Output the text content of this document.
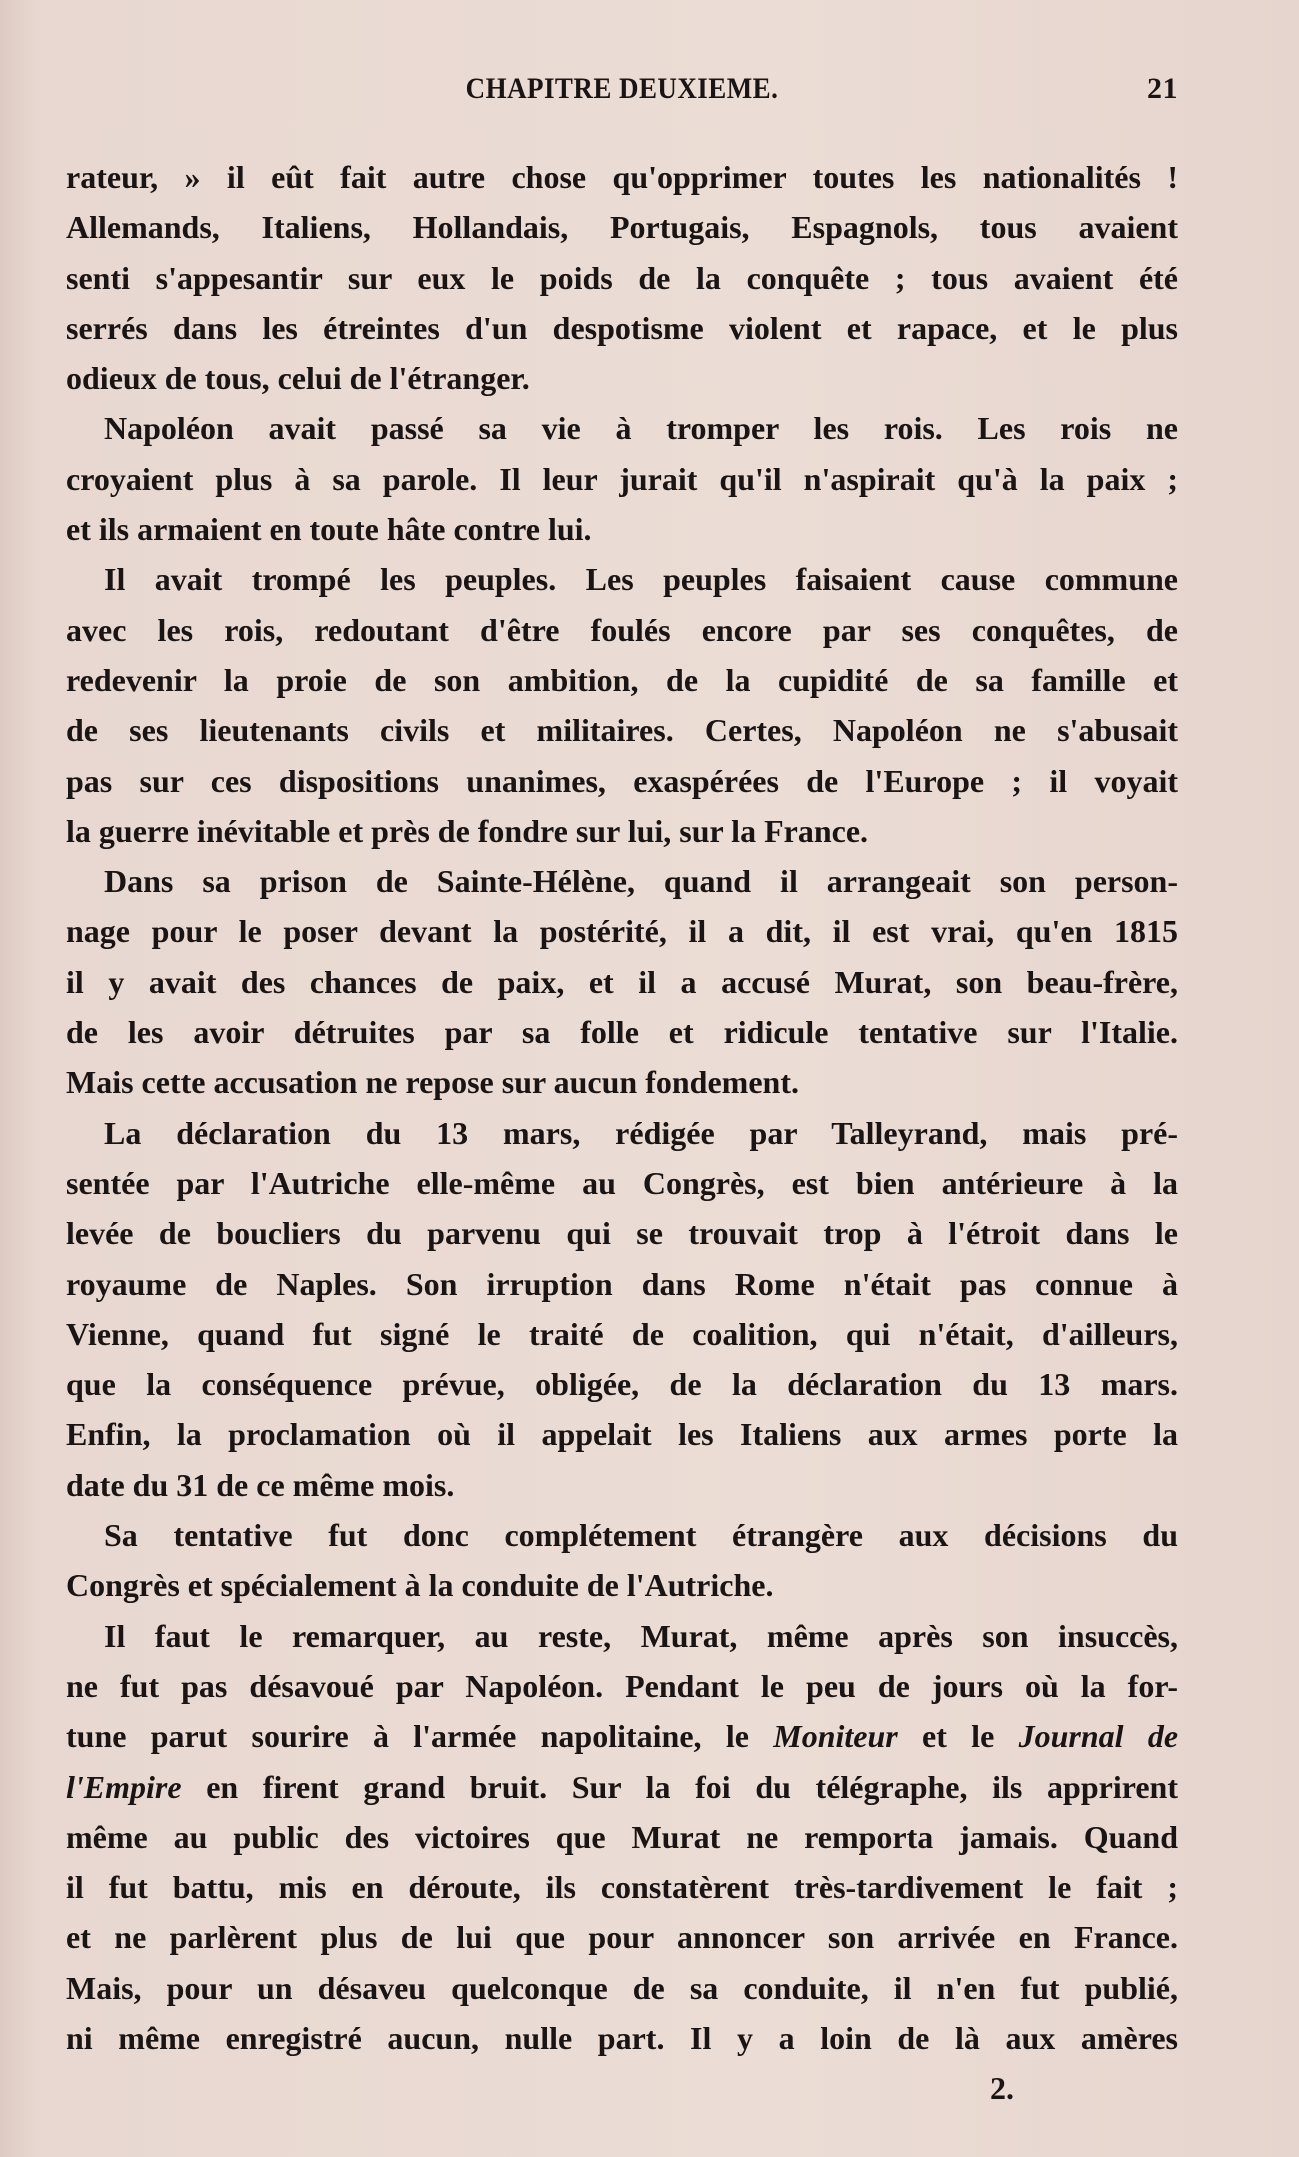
CHAPITRE DEUXIEME.	21
rateur, » il eût fait autre chose qu'opprimer toutes les nationalités !
Allemands, Italiens, Hollandais, Portugais, Espagnols, tous avaient
senti s'appesantir sur eux le poids de la conquête ; tous avaient été
serrés dans les étreintes d'un despotisme violent et rapace, et le plus
odieux de tous, celui de l'étranger.
Napoléon avait passé sa vie à tromper les rois. Les rois ne
croyaient plus à sa parole. Il leur jurait qu'il n'aspirait qu'à la paix ;
et ils armaient en toute hâte contre lui.
Il avait trompé les peuples. Les peuples faisaient cause commune
avec les rois, redoutant d'être foulés encore par ses conquêtes, de
redevenir la proie de son ambition, de la cupidité de sa famille et
de ses lieutenants civils et militaires. Certes, Napoléon ne s'abusait
pas sur ces dispositions unanimes, exaspérées de l'Europe ; il voyait
la guerre inévitable et près de fondre sur lui, sur la France.
Dans sa prison de Sainte-Hélène, quand il arrangeait son person-
nage pour le poser devant la postérité, il a dit, il est vrai, qu'en 1815
il y avait des chances de paix, et il a accusé Murat, son beau-frère,
de les avoir détruites par sa folle et ridicule tentative sur l'Italie.
Mais cette accusation ne repose sur aucun fondement.
La déclaration du 13 mars, rédigée par Talleyrand, mais pré-
sentée par l'Autriche elle-même au Congrès, est bien antérieure à la
levée de boucliers du parvenu qui se trouvait trop à l'étroit dans le
royaume de Naples. Son irruption dans Rome n'était pas connue à
Vienne, quand fut signé le traité de coalition, qui n'était, d'ailleurs,
que la conséquence prévue, obligée, de la déclaration du 13 mars.
Enfin, la proclamation où il appelait les Italiens aux armes porte la
date du 31 de ce même mois.
Sa tentative fut donc complétement étrangère aux décisions du
Congrès et spécialement à la conduite de l'Autriche.
Il faut le remarquer, au reste, Murat, même après son insuccès,
ne fut pas désavoué par Napoléon. Pendant le peu de jours où la for-
tune parut sourire à l'armée napolitaine, le Moniteur et le Journal de
l'Empire en firent grand bruit. Sur la foi du télégraphe, ils apprirent
même au public des victoires que Murat ne remporta jamais. Quand
il fut battu, mis en déroute, ils constatèrent très-tardivement le fait ;
et ne parlèrent plus de lui que pour annoncer son arrivée en France.
Mais, pour un désaveu quelconque de sa conduite, il n'en fut publié,
ni même enregistré aucun, nulle part. Il y a loin de là aux amères
2.
